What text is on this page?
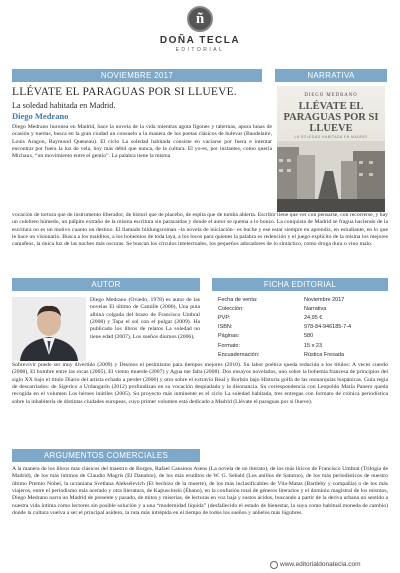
ñ
DOÑA TECLA
EDITORIAL
NOVIEMBRE 2017	NARRATIVA
LLÉVATE EL PARAGUAS POR SI LLUEVE.
La soledad habitada en Madrid.
Diego Medrano
Diego Medrano huronea en Madrid, hace la novela de la vida mientras agota fígones y tabernas, apura lunas de ocasión y tuertas, busca en la gran ciudad un consuelo a la manera de los poetas clásicos de bulevar (Baudelaire, Louis Aragon, Raymond Queneau). El ciclo La soledad habitada consiste en vaciarse por fuera e intentar encontrar por fuera la luz de vela, hoy más débil que nunca, de la cultura. El yo-es, por instantes, como quería Michaux, “un movimiento entre el gentío”. La palabra tiene la misma
vocación de tortura que de instrumento liberador, de bisturí que de placebo, de espita que de tumba abierta. Escribir tiene que ver con pensarse, con recorrerse, y hay un culebreo húmedo, un pálpito extraño de la misma escritura sin paracaídas y donde el autor se quema a lo bonzo. La conquista de Madrid se fragua haciendo de la escritura no es un motivo cuanto un destino. El llamado bildungsroman –la novela de iniciación– es buche y ese estar siempre en aprendiz, en estudiante, en lo que le hace un visionario. Busca a los malditos, a los bohemios de toda laya, a los locos para quienes la palabra es redención y el juego explícito de la misma los mejores camafeos, la única luz de las noches más oscuras. Se buscan los círculos intelectuales, los pequeños adoradores de lo sintáctico, como droga dura o vino malo.
DIEGO MEDRANO
LLÉVATE EL PARAGUAS POR SI LLUEVE
LA SOLEDAD HABITADA EN MADRID
AUTOR	FICHA EDITORIAL
Diego Medrano (Oviedo, 1978) es autor de las novelas El último de Camille (2006), Una puta albina colgada del brazo de Francisco Umbral (2008) y Tapa el sol con el pulgar (2009). Ha publicado los libros de relatos La soledad no tiene edad (2007), Los sueños diurnos (2006),
Sobrevivir puede ser muy divertido (2009) y Desmos el pesimismo para tiempos mejores (2010). Su labor poética queda reducida a los títulos: A veces cuerdo (2008), El hombre entre las rocas (2005), El viento muerde (2007) y Agua me falta (2008). Dos ensayos novelados, uno sobre la bohemia francesa de principios del siglo XX bajo el título Diario del artista echado a perder (2006) y otro sobre el extravío Real y Borbón bajo Historia golfa de las monarquías hispánicas. Guía regia de descarriados: de Sigerico a Urdangarín (2012) profundizan en su vocación despiadada y la disonancia. Su correspondencia con Leopoldo María Panero queda recogida en el volumen Los héroes inútiles (2005). Su proyecto más inminente es el ciclo La soledad habitada, tres entregas con formato de crónica periodística sobre la inhabitería de distintas ciudades europeas, cuyo primer volumen está dedicado a Madrid (Llévate el paraguas por si llueve).
Fecha de venta:	Noviembre 2017
Colección:	Narrativa
PVP:	24,95 €
ISBN:	978-84-946185-7-4
Páginas:	580
Formato:	15 x 23
Encuadernación:	Rústica Fresada
ARGUMENTOS COMERCIALES
A la manera de los libros más clásicos del maestro de Borges, Rafael Cansinos Asens (La novela de un literato), de los más líricos de Francisco Umbral (Trilogía de Madrid), de los más íntimos de Claudio Magris (El Danubio), de los más eruditos de W. G. Sebald (Los anillos de Saturno), de los más periodísticos de nuestro último Premio Nobel, la ucraniana Svetlana Alekséievich (El hechizo de la muerte), de los más inclasificables de Vila-Matas (Bartleby y compañía) o de los más viajeros, entre el periodismo más acerado y otra literatura, de Kapuscinski (Ébano), en la confusión total de géneros literarios y el dominio magistral de los mismos, Diego Medrano narra un Madrid de presente y pasado, de mitos y miserias, de lecturas en voz baja y sustos ácidos, buscando a partir de la deriva urbana un sentido a nuestra vida íntima como lectores sin posible solución y a una “modernidad líquida” (desfallecido el estado de bienestar, la suya como habitual moneda de cambio) donde la cultura vuelva a ser el principal asidero, la ruta más intrépida en el tiempo de todos los sueños y anhelos más lúgubres.
www.editorialdonatecla.com
